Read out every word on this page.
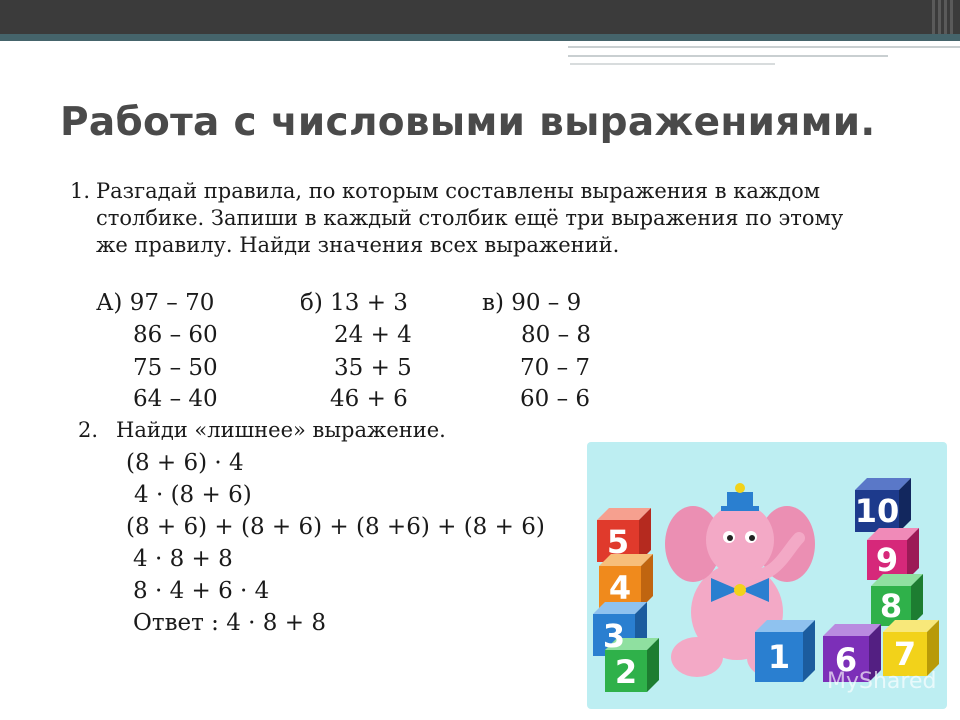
Работа с числовыми выражениями.
1. Разгадай правила, по которым составлены выражения в каждом столбике. Запиши в каждый столбик ещё три выражения по этому же правилу. Найди значения всех выражений.
А) 97 – 70
86 – 60
75 – 50
64 – 40
б) 13 + 3
24 + 4
35 + 5
46 + 6
в) 90 – 9
80 – 8
70 – 7
60 – 6
2. Найди «лишнее» выражение.
(8 + 6) · 4
4 · (8 + 6)
(8 + 6) + (8 + 6) + (8 +6) + (8 + 6)
4 · 8 + 8
8 · 4 + 6 · 4
Ответ : 4 · 8 + 8
5
4
3
2	1
10
9
8
7
6
MyShared
